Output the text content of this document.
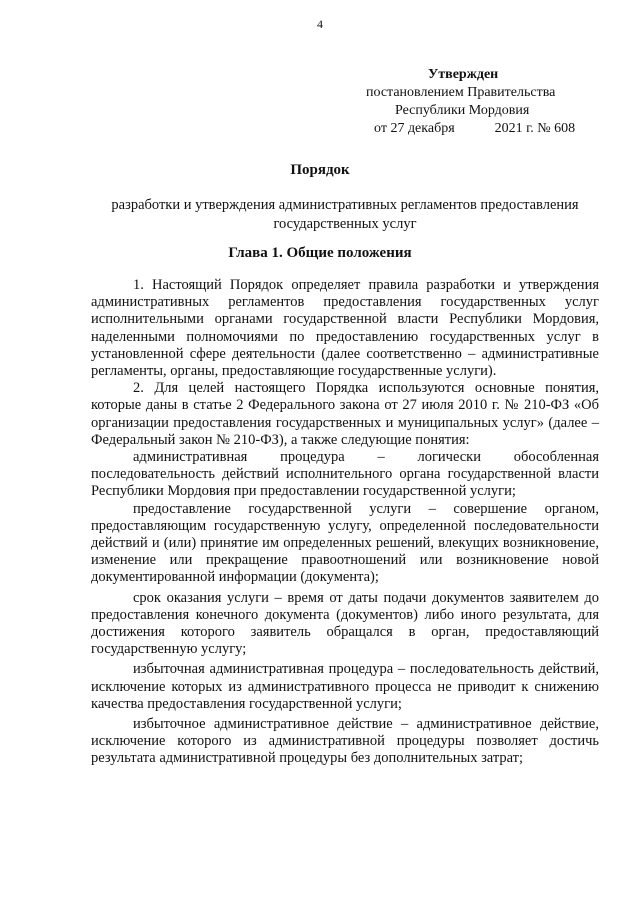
4
Утвержден
постановлением Правительства
Республики Мордовия
от 27 декабря	2021 г. № 608
Порядок
разработки и утверждения административных регламентов предоставления государственных услуг
Глава 1. Общие положения

1. Настоящий Порядок определяет правила разработки и утверждения административных регламентов предоставления государственных услуг исполнительными органами государственной власти Республики Мордовия, наделенными полномочиями по предоставлению государственных услуг в установленной сфере деятельности (далее соответственно – административные регламенты, органы, предоставляющие государственные услуги).

2. Для целей настоящего Порядка используются основные понятия, которые даны в статье 2 Федерального закона от 27 июля 2010 г. № 210-ФЗ «Об организации предоставления государственных и муниципальных услуг» (далее – Федеральный закон № 210-ФЗ), а также следующие понятия:

административная процедура – логически обособленная последовательность действий исполнительного органа государственной власти Республики Мордовия при предоставлении государственной услуги;

предоставление государственной услуги – совершение органом, предоставляющим государственную услугу, определенной последовательности действий и (или) принятие им определенных решений, влекущих возникновение, изменение или прекращение правоотношений или возникновение новой документированной информации (документа);

срок оказания услуги – время от даты подачи документов заявителем до предоставления конечного документа (документов) либо иного результата, для достижения которого заявитель обращался в орган, предоставляющий государственную услугу;

избыточная административная процедура – последовательность действий, исключение которых из административного процесса не приводит к снижению качества предоставления государственной услуги;

избыточное административное действие – административное действие, исключение которого из административной процедуры позволяет достичь результата административной процедуры без дополнительных затрат;
